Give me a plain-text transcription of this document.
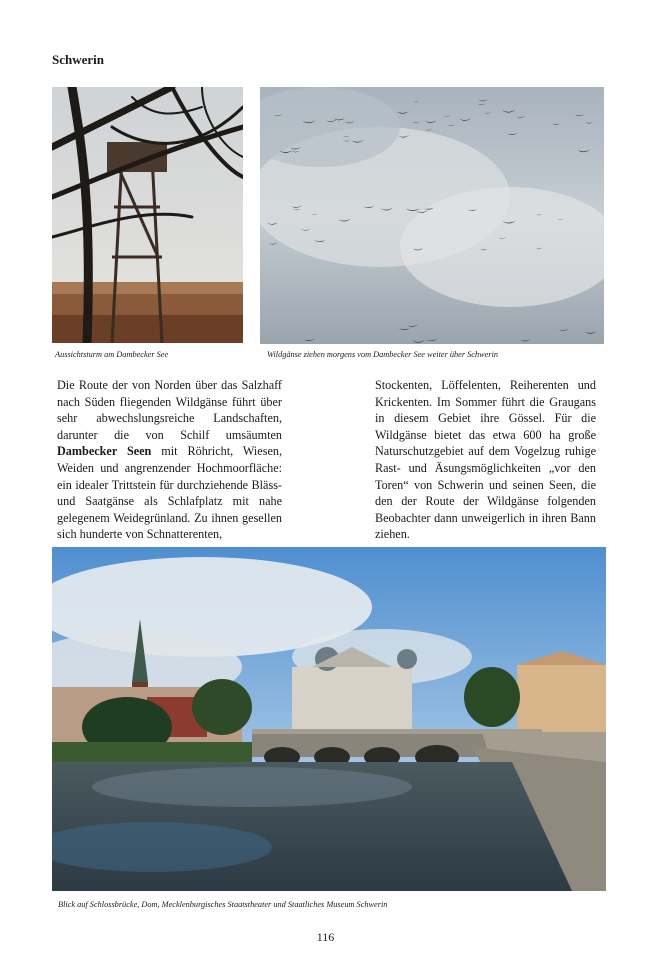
Schwerin
Aussichtsturm am Dambecker See	Wildgänse ziehen morgens vom Dambecker See weiter über Schwerin

Die Route der von Norden über das Salzhaff nach Süden fliegenden Wildgänse führt über sehr abwechslungsreiche Landschaften, darunter die von Schilf umsäumten Dambecker Seen mit Röhricht, Wiesen, Weiden und angrenzender Hochmoorfläche: ein idealer Trittstein für durchziehende Bläss- und Saatgänse als Schlafplatz mit nahe gelegenem Weidegrünland. Zu ihnen gesellen sich hunderte von Schnatterenten,

Stockenten, Löffelenten, Reiherenten und Krickenten. Im Sommer führt die Graugans in diesem Gebiet ihre Gössel. Für die Wildgänse bietet das etwa 600 ha große Naturschutzgebiet auf dem Vogelzug ruhige Rast- und Äsungsmöglichkeiten „vor den Toren“ von Schwerin und seinen Seen, die den der Route der Wildgänse folgenden Beobachter dann unweigerlich in ihren Bann ziehen.

Blick auf Schlossbrücke, Dom, Mecklenburgisches Staatstheater und Staatliches Museum Schwerin
116
